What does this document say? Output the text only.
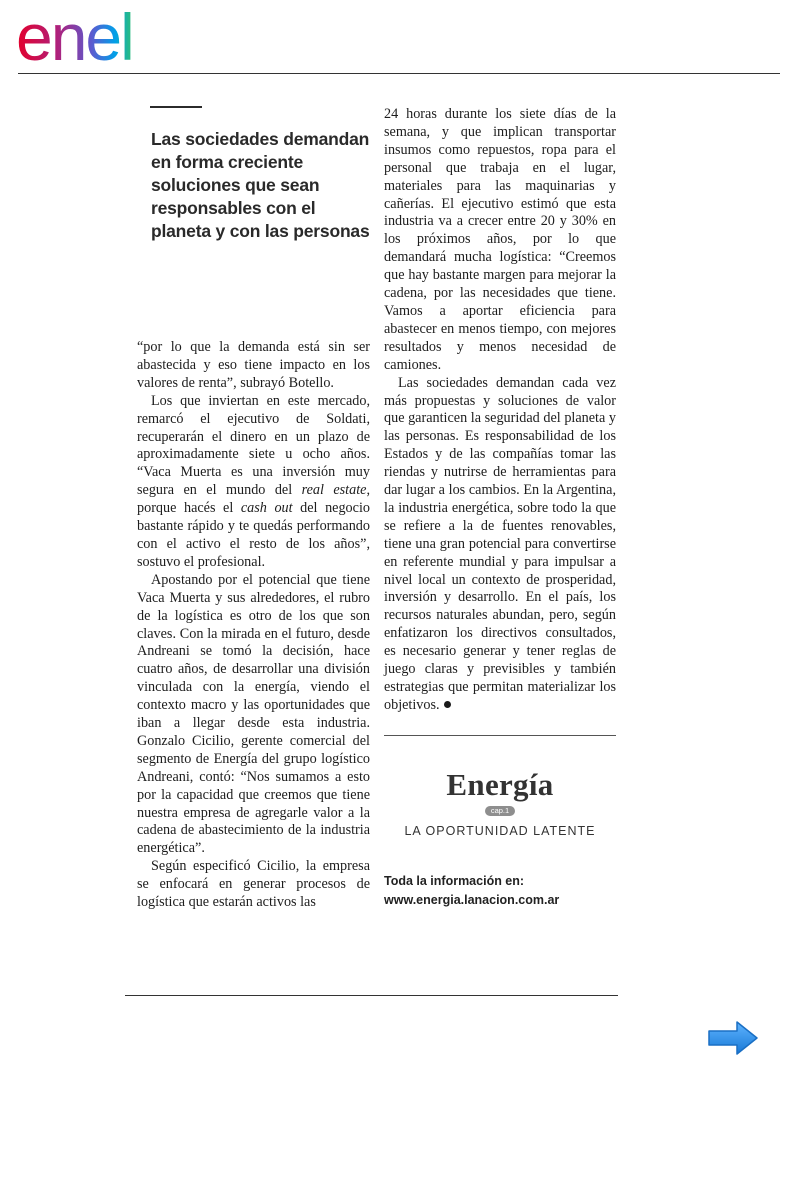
enel
Las sociedades demandan en forma creciente soluciones que sean responsables con el planeta y con las personas

“por lo que la demanda está sin ser abastecida y eso tiene impacto en los valores de renta”, subrayó Botello.

Los que inviertan en este mercado, remarcó el ejecutivo de Soldati, recuperarán el dinero en un plazo de aproximadamente siete u ocho años. “Vaca Muerta es una inversión muy segura en el mundo del real estate, porque hacés el cash out del negocio bastante rápido y te quedás performando con el activo el resto de los años”, sostuvo el profesional.

Apostando por el potencial que tiene Vaca Muerta y sus alrededores, el rubro de la logística es otro de los que son claves. Con la mirada en el futuro, desde Andreani se tomó la decisión, hace cuatro años, de desarrollar una división vinculada con la energía, viendo el contexto macro y las oportunidades que iban a llegar desde esta industria. Gonzalo Cicilio, gerente comercial del segmento de Energía del grupo logístico Andreani, contó: “Nos sumamos a esto por la capacidad que creemos que tiene nuestra empresa de agregarle valor a la cadena de abastecimiento de la industria energética”.

Según especificó Cicilio, la empresa se enfocará en generar procesos de logística que estarán activos las

24 horas durante los siete días de la semana, y que implican transportar insumos como repuestos, ropa para el personal que trabaja en el lugar, materiales para las maquinarias y cañerías. El ejecutivo estimó que esta industria va a crecer entre 20 y 30% en los próximos años, por lo que demandará mucha logística: “Creemos que hay bastante margen para mejorar la cadena, por las necesidades que tiene. Vamos a aportar eficiencia para abastecer en menos tiempo, con mejores resultados y menos necesidad de camiones.

Las sociedades demandan cada vez más propuestas y soluciones de valor que garanticen la seguridad del planeta y las personas. Es responsabilidad de los Estados y de las compañías tomar las riendas y nutrirse de herramientas para dar lugar a los cambios. En la Argentina, la industria energética, sobre todo la que se refiere a la de fuentes renovables, tiene una gran potencial para convertirse en referente mundial y para impulsar a nivel local un contexto de prosperidad, inversión y desarrollo. En el país, los recursos naturales abundan, pero, según enfatizaron los directivos consultados, es necesario generar y tener reglas de juego claras y previsibles y también estrategias que permitan materializar los objetivos.

Energía
cap.1
LA OPORTUNIDAD LATENTE
Toda la información en:
www.energia.lanacion.com.ar
